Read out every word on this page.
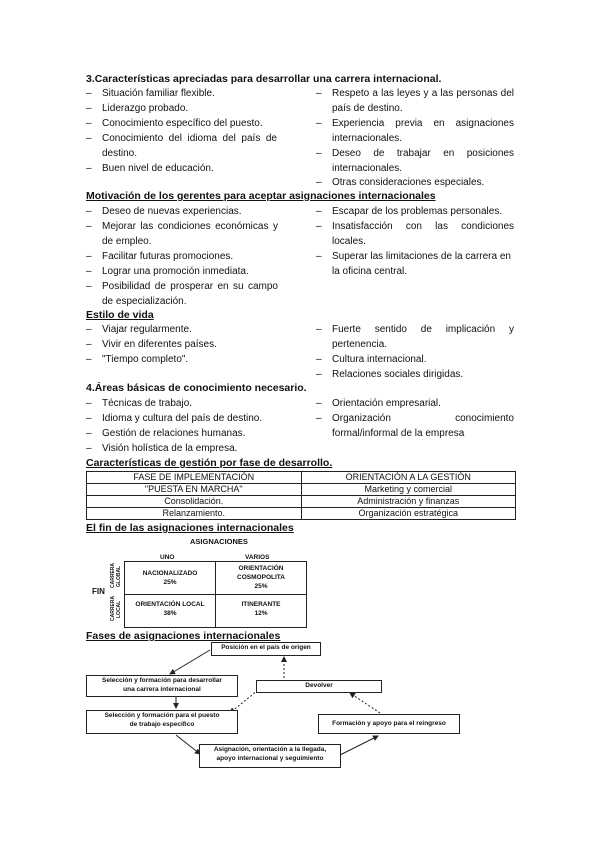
3.Características apreciadas para desarrollar una carrera internacional.
– Situación familiar flexible.
– Liderazgo probado.
– Conocimiento específico del puesto.
– Conocimiento del idioma del país de
destino.
– Buen nivel de educación.
– Respeto a las leyes y a las personas del
país de destino.
– Experiencia previa en asignaciones
internacionales.
– Deseo de trabajar en posiciones
internacionales.
– Otras consideraciones especiales.
Motivación de los gerentes para aceptar asignaciones internacionales
– Deseo de nuevas experiencias.
– Mejorar las condiciones económicas y
de empleo.
– Facilitar futuras promociones.
– Lograr una promoción inmediata.
– Posibilidad de prosperar en su campo
de especialización.
– Escapar de los problemas personales.
– Insatisfacción con las condiciones
locales.
– Superar las limitaciones de la carrera en
la oficina central.
Estilo de vida
– Viajar regularmente.
– Vivir en diferentes países.
– "Tiempo completo".
– Fuerte sentido de implicación y
pertenencia.
– Cultura internacional.
– Relaciones sociales dirigidas.
4.Áreas básicas de conocimiento necesario.
– Técnicas de trabajo.
– Idioma y cultura del país de destino.
– Gestión de relaciones humanas.
– Visión holística de la empresa.
– Orientación empresarial.
– Organización conocimiento
formal/informal de la empresa
Características de gestión por fase de desarrollo.
FASE DE IMPLEMENTACIÓN	ORIENTACIÓN A LA GESTIÓN
"PUESTA EN MARCHA"	Marketing y comercial
Consolidación.	Administración y finanzas
Relanzamiento.	Organización estratégica
El fin de las asignaciones internacionales
ASIGNACIONES
UNO	VARIOS
FIN
CARRERA GLOBAL
CARRERA LOCAL
NACIONALIZADO
25%
ORIENTACIÓN
COSMOPOLITA
25%
ORIENTACIÓN LOCAL
38%
ITINERANTE
12%
Fases de asignaciones internacionales
Posición en el país de origen
Selección y formación para desarrollar
una carrera internacional
Devolver
Selección y formación para el puesto
de trabajo específico	Formación y apoyo para el reingreso
Asignación, orientación a la llegada,
apoyo internacional y seguimiento
